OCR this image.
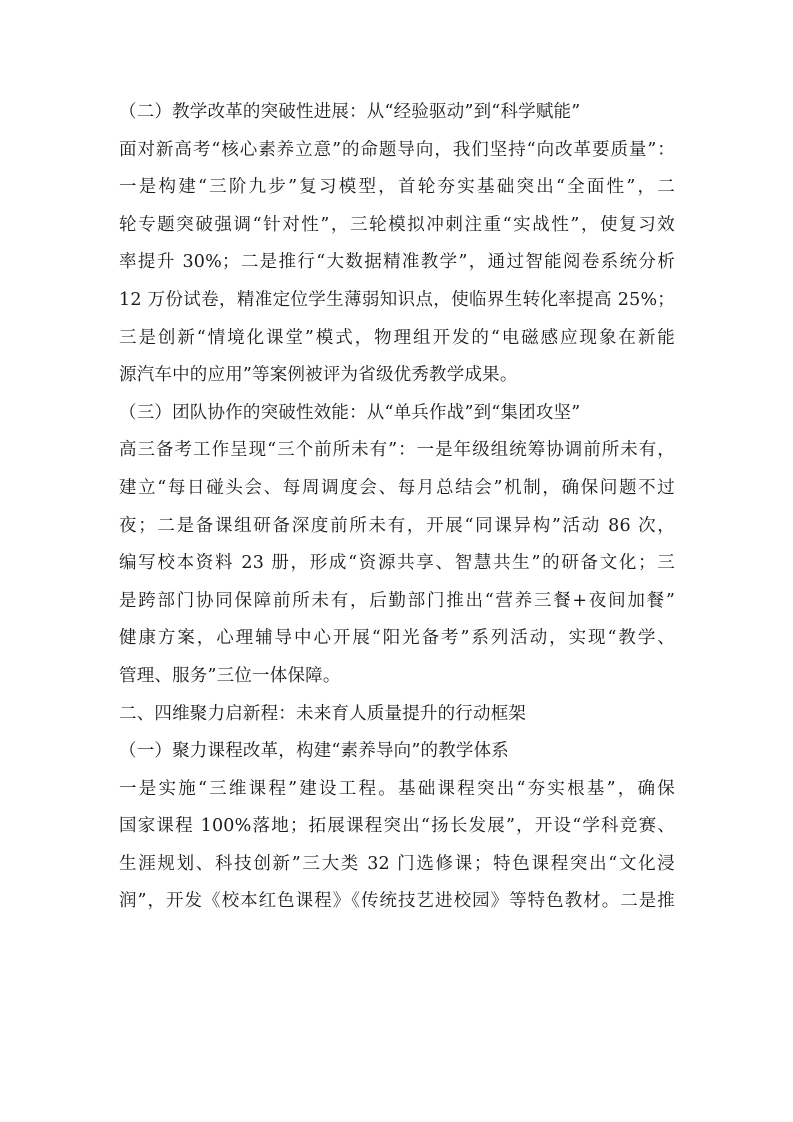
（二）教学改革的突破性进展：从“经验驱动”到“科学赋能”
面对新高考“核心素养立意”的命题导向，我们坚持“向改革要质量”：
一是构建“三阶九步”复习模型，首轮夯实基础突出“全面性”，二
轮专题突破强调“针对性”，三轮模拟冲刺注重“实战性”，使复习效
率提升 30%；二是推行“大数据精准教学”，通过智能阅卷系统分析
12 万份试卷，精准定位学生薄弱知识点，使临界生转化率提高 25%；
三是创新“情境化课堂”模式，物理组开发的“电磁感应现象在新能
源汽车中的应用”等案例被评为省级优秀教学成果。
（三）团队协作的突破性效能：从“单兵作战”到“集团攻坚”
高三备考工作呈现“三个前所未有”：一是年级组统筹协调前所未有，
建立“每日碰头会、每周调度会、每月总结会”机制，确保问题不过
夜；二是备课组研备深度前所未有，开展“同课异构”活动 86 次，
编写校本资料 23 册，形成“资源共享、智慧共生”的研备文化；三
是跨部门协同保障前所未有，后勤部门推出“营养三餐+夜间加餐”
健康方案，心理辅导中心开展“阳光备考”系列活动，实现“教学、
管理、服务”三位一体保障。
二、四维聚力启新程：未来育人质量提升的行动框架
（一）聚力课程改革，构建“素养导向”的教学体系
一是实施“三维课程”建设工程。基础课程突出“夯实根基”，确保
国家课程 100%落地；拓展课程突出“扬长发展”，开设“学科竞赛、
生涯规划、科技创新”三大类 32 门选修课；特色课程突出“文化浸
润”，开发《校本红色课程》《传统技艺进校园》等特色教材。二是推
